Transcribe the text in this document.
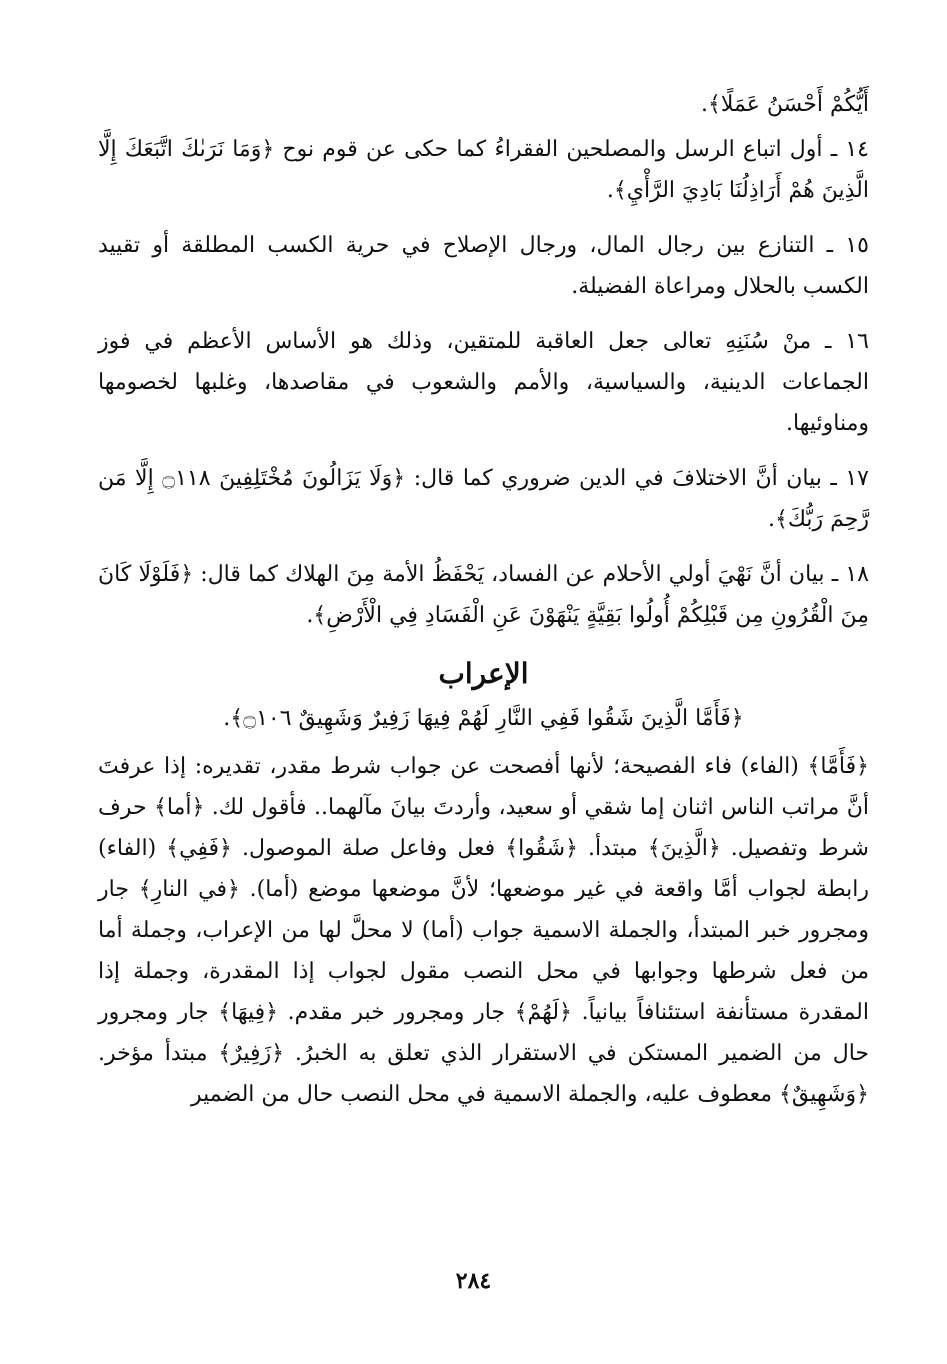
أَيُّكُمْ أَحْسَنُ عَمَلًا﴾.

١٤ ـ أول اتباع الرسل والمصلحين الفقراءُ كما حكى عن قوم نوح ﴿وَمَا نَرَىٰكَ اتَّبَعَكَ إِلَّا الَّذِينَ هُمْ أَرَاذِلُنَا بَادِيَ الرَّأْيِ﴾.

١٥ ـ التنازع بين رجال المال، ورجال الإصلاح في حرية الكسب المطلقة أو تقييد الكسب بالحلال ومراعاة الفضيلة.

١٦ ـ منْ سُنَنِهِ تعالى جعل العاقبة للمتقين، وذلك هو الأساس الأعظم في فوز الجماعات الدينية، والسياسية، والأمم والشعوب في مقاصدها، وغلبها لخصومها ومناوئيها.

١٧ ـ بيان أنَّ الاختلافَ في الدين ضروري كما قال: ﴿وَلَا يَزَالُونَ مُخْتَلِفِينَ ۝١١٨ إِلَّا مَن رَّحِمَ رَبُّكَ﴾.

١٨ ـ بيان أنَّ نَهْيَ أولي الأحلام عن الفساد، يَحْفَظُ الأمة مِنَ الهلاك كما قال: ﴿فَلَوْلَا كَانَ مِنَ الْقُرُونِ مِن قَبْلِكُمْ أُولُوا بَقِيَّةٍ يَنْهَوْنَ عَنِ الْفَسَادِ فِي الْأَرْضِ﴾.

الإعراب

﴿فَأَمَّا الَّذِينَ شَقُوا فَفِي النَّارِ لَهُمْ فِيهَا زَفِيرٌ وَشَهِيقٌ ۝١٠٦﴾.

﴿فَأَمَّا﴾ (الفاء) فاء الفصيحة؛ لأنها أفصحت عن جواب شرط مقدر، تقديره: إذا عرفتَ أنَّ مراتب الناس اثنان إما شقي أو سعيد، وأردتَ بيانَ مآلهما.. فأقول لك. ﴿أما﴾ حرف شرط وتفصيل. ﴿الَّذِينَ﴾ مبتدأ. ﴿شَقُوا﴾ فعل وفاعل صلة الموصول. ﴿فَفِي﴾ (الفاء) رابطة لجواب أمَّا واقعة في غير موضعها؛ لأنَّ موضعها موضع (أما). ﴿في النارِ﴾ جار ومجرور خبر المبتدأ، والجملة الاسمية جواب (أما) لا محلَّ لها من الإعراب، وجملة أما من فعل شرطها وجوابها في محل النصب مقول لجواب إذا المقدرة، وجملة إذا المقدرة مستأنفة استئنافاً بيانياً. ﴿لَهُمْ﴾ جار ومجرور خبر مقدم. ﴿فِيهَا﴾ جار ومجرور حال من الضمير المستكن في الاستقرار الذي تعلق به الخبرُ. ﴿زَفِيرٌ﴾ مبتدأ مؤخر. ﴿وَشَهِيقٌ﴾ معطوف عليه، والجملة الاسمية في محل النصب حال من الضمير

٢٨٤
